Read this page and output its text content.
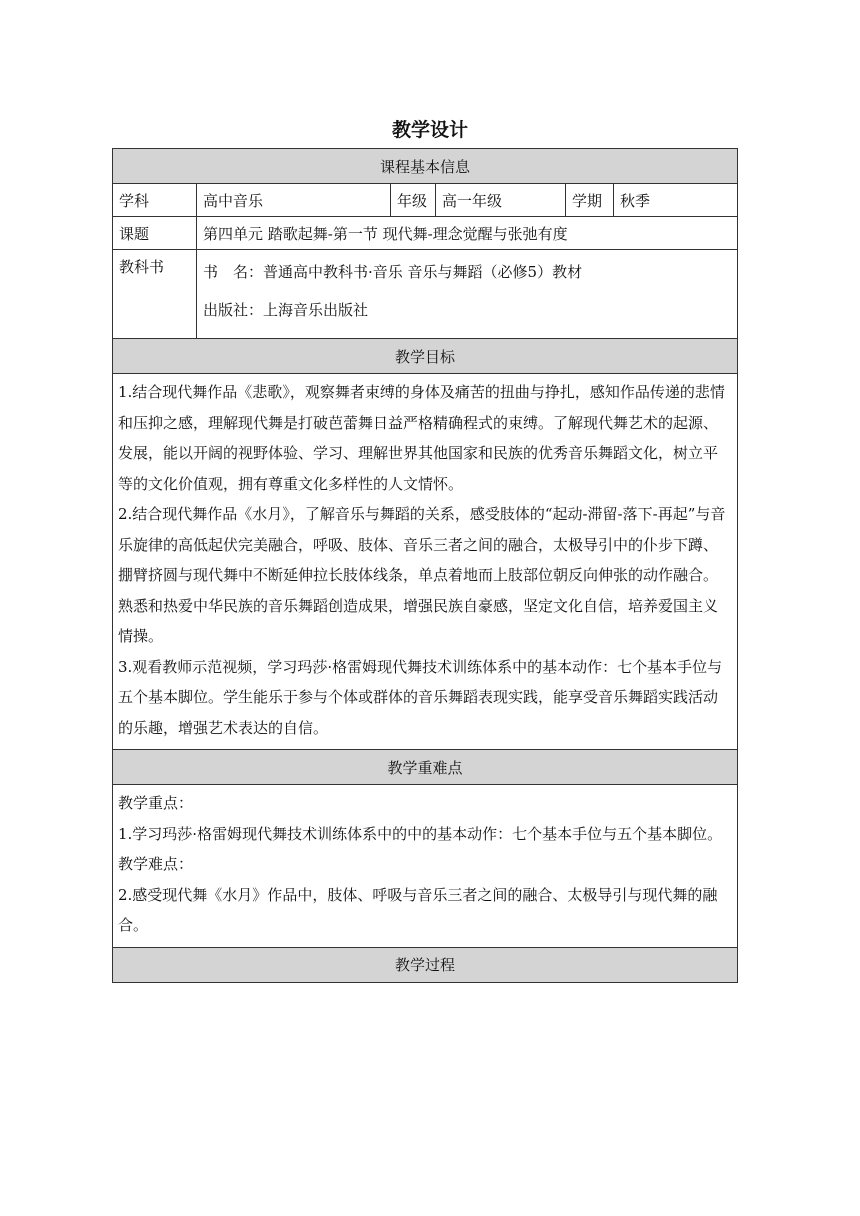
教学设计
课程基本信息					
学科	高中音乐	年级	高一年级	学期	秋季
课题	第四单元 踏歌起舞-第一节 现代舞-理念觉醒与张弛有度				
教科书	书　名：普通高中教科书·音乐 音乐与舞蹈（必修5）教材
出版社：上海音乐出版社				

教学目标					

1.结合现代舞作品《悲歌》，观察舞者束缚的身体及痛苦的扭曲与挣扎，感知作品传递的悲情和压抑之感，理解现代舞是打破芭蕾舞日益严格精确程式的束缚。了解现代舞艺术的起源、发展，能以开阔的视野体验、学习、理解世界其他国家和民族的优秀音乐舞蹈文化，树立平等的文化价值观，拥有尊重文化多样性的人文情怀。

2.结合现代舞作品《水月》，了解音乐与舞蹈的关系，感受肢体的“起动-滞留-落下-再起”与音乐旋律的高低起伏完美融合，呼吸、肢体、音乐三者之间的融合，太极导引中的仆步下蹲、掤臂挤圆与现代舞中不断延伸拉长肢体线条，单点着地而上肢部位朝反向伸张的动作融合。熟悉和热爱中华民族的音乐舞蹈创造成果，增强民族自豪感，坚定文化自信，培养爱国主义情操。

3.观看教师示范视频，学习玛莎·格雷姆现代舞技术训练体系中的基本动作：七个基本手位与五个基本脚位。学生能乐于参与个体或群体的音乐舞蹈表现实践，能享受音乐舞蹈实践活动的乐趣，增强艺术表达的自信。					

教学重难点					

教学重点：

1.学习玛莎·格雷姆现代舞技术训练体系中的中的基本动作：七个基本手位与五个基本脚位。

教学难点：

2.感受现代舞《水月》作品中，肢体、呼吸与音乐三者之间的融合、太极导引与现代舞的融合。					

教学过程					
